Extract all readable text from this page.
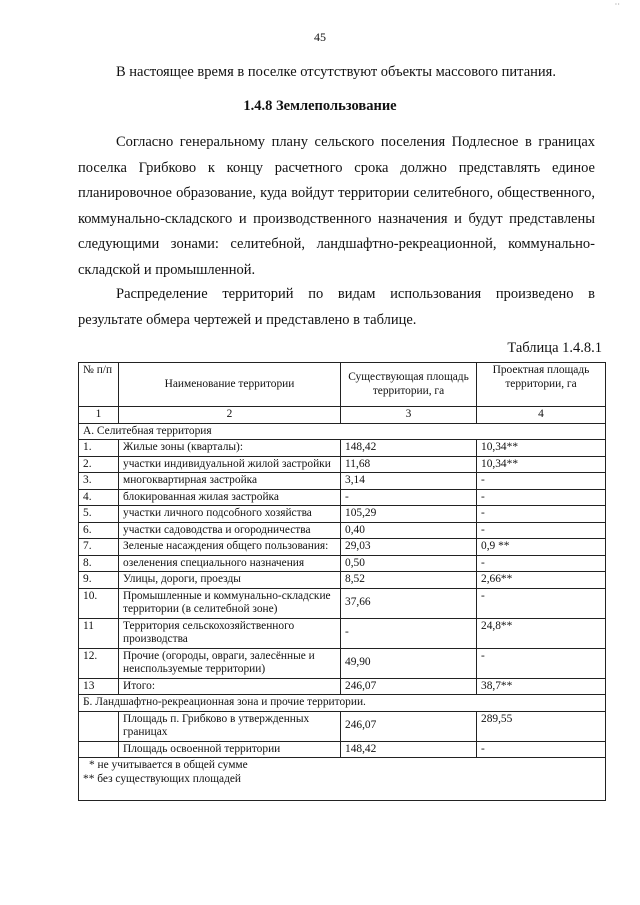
45

В настоящее время в поселке отсутствуют объекты массового питания.

1.4.8 Землепользование

Согласно генеральному плану сельского поселения Подлесное в границах поселка Грибково к концу расчетного срока должно представлять единое планировочное образование, куда войдут территории селитебного, общественного, коммунально-складского и производственного назначения и будут представлены следующими зонами: селитебной, ландшафтно-рекреационной, коммунально-складской и промышленной.

Распределение территорий по видам использования произведено в результате обмера чертежей и представлено в таблице.

Таблица 1.4.8.1
№ п/п	Наименование территории	Существующая площадь территории, га	Проектная площадь территории, га
1	2	3	4
А. Селитебная территория			
1.	Жилые зоны (кварталы):	148,42	10,34**
2.	участки индивидуальной жилой застройки	11,68	10,34**
3.	многоквартирная застройка	3,14	-
4.	блокированная жилая застройка	-	-
5.	участки личного подсобного хозяйства	105,29	-
6.	участки садоводства и огородничества	0,40	-
7.	Зеленые насаждения общего пользования:	29,03	0,9 **
8.	озеленения специального назначения	0,50	-
9.	Улицы, дороги, проезды	8,52	2,66**
10.	Промышленные и коммунально-складские территории (в селитебной зоне)	37,66	-
11	Территория сельскохозяйственного производства	-	24,8**
12.	Прочие (огороды, овраги, залесённые и неиспользуемые территории)	49,90	-
13	Итого:	246,07	38,7**
Б. Ландшафтно-рекреационная зона и прочие территории.			
	Площадь п. Грибково в утвержденных границах	246,07	289,55
	Площадь освоенной территории	148,42	-

* не учитывается в общей сумме
** без существующих площадей			
··
